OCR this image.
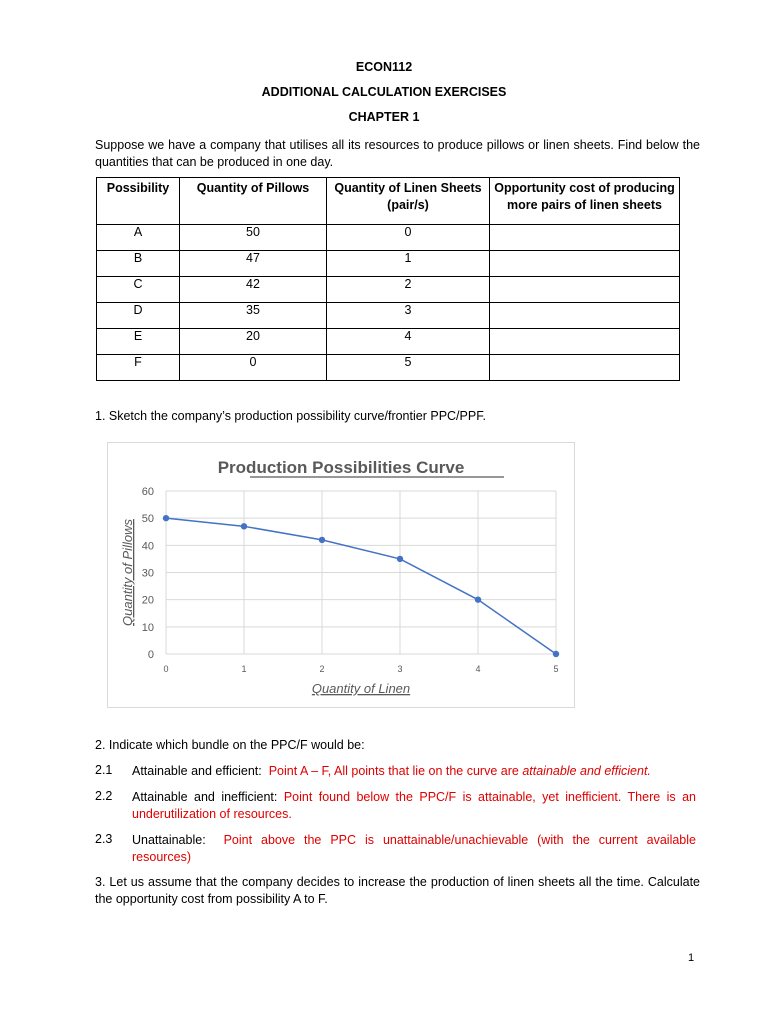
ECON112
ADDITIONAL CALCULATION EXERCISES
CHAPTER 1
Suppose we have a company that utilises all its resources to produce pillows or linen sheets. Find below the quantities that can be produced in one day.
Possibility	Quantity of Pillows	Quantity of Linen Sheets (pair/s)	Opportunity cost of producing more pairs of linen sheets
A	50	0	
B	47	1	
C	42	2	
D	35	3	
E	20	4	
F	0	5	
1. Sketch the company’s production possibility curve/frontier PPC/PPF.
Production Possibilities Curve
0
10
20
30
40
50
60
0	1	2	3	4	5
Quantity of Linen
Quantity of Pillows
2. Indicate which bundle on the PPC/F would be:
2.1 Attainable and efficient: Point A – F, All points that lie on the curve are attainable and efficient.
2.2 Attainable and inefficient: Point found below the PPC/F is attainable, yet inefficient. There is an underutilization of resources.
2.3 Unattainable: Point above the PPC is unattainable/unachievable (with the current available resources)
3. Let us assume that the company decides to increase the production of linen sheets all the time. Calculate the opportunity cost from possibility A to F.
1
